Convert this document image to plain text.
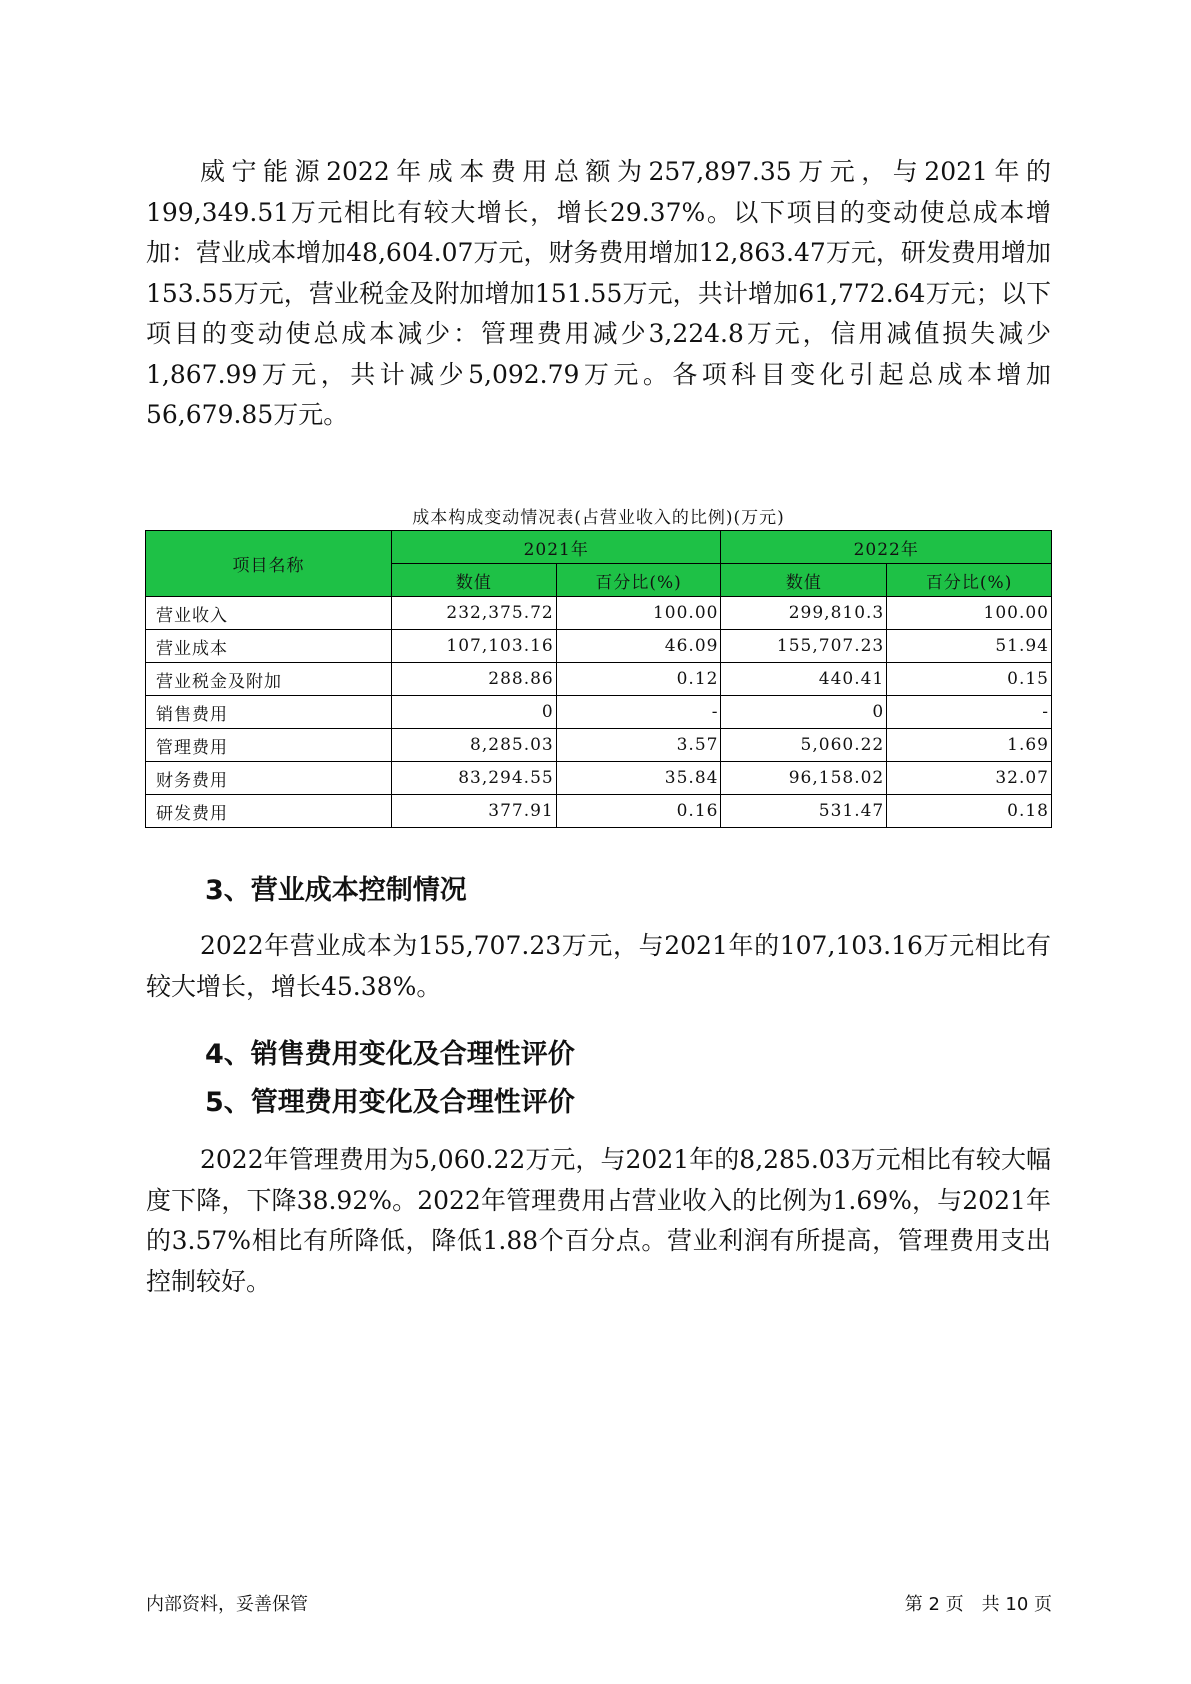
威宁能源2022年成本费用总额为257,897.35万元，与2021年的199,349.51万元相比有较大增长，增长29.37%。以下项目的变动使总成本增加：营业成本增加48,604.07万元，财务费用增加12,863.47万元，研发费用增加153.55万元，营业税金及附加增加151.55万元，共计增加61,772.64万元；以下项目的变动使总成本减少：管理费用减少3,224.8万元，信用减值损失减少1,867.99万元，共计减少5,092.79万元。各项科目变化引起总成本增加56,679.85万元。

成本构成变动情况表(占营业收入的比例)(万元)
项目名称	2021年		2022年	
	数值	百分比(%)	数值	百分比(%)
营业收入	232,375.72	100.00	299,810.3	100.00
营业成本	107,103.16	46.09	155,707.23	51.94
营业税金及附加	288.86	0.12	440.41	0.15
销售费用	0	-	0	-
管理费用	8,285.03	3.57	5,060.22	1.69
财务费用	83,294.55	35.84	96,158.02	32.07
研发费用	377.91	0.16	531.47	0.18
3、营业成本控制情况

2022年营业成本为155,707.23万元，与2021年的107,103.16万元相比有较大增长，增长45.38%。

4、销售费用变化及合理性评价
5、管理费用变化及合理性评价

2022年管理费用为5,060.22万元，与2021年的8,285.03万元相比有较大幅度下降，下降38.92%。2022年管理费用占营业收入的比例为1.69%，与2021年的3.57%相比有所降低，降低1.88个百分点。营业利润有所提高，管理费用支出控制较好。

内部资料，妥善保管	第 2 页　共 10 页
